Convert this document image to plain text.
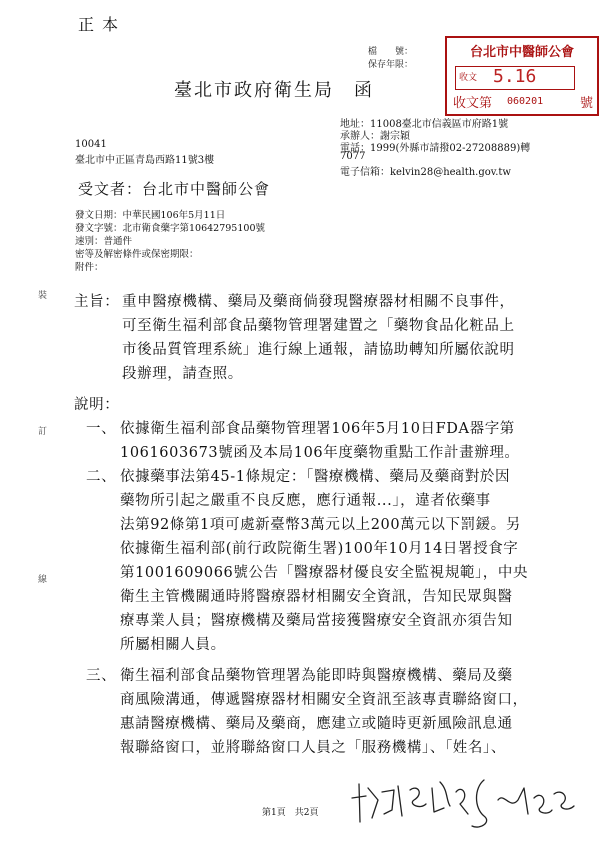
正本
檔　　號：
保存年限：
台北市中醫師公會
收文 5.16
收文第 060201	號
臺北市政府衛生局　函
地址：11008臺北市信義區市府路1號
承辦人：謝宗穎
電話：1999(外縣市請撥02-27208889)轉
7077
電子信箱：kelvin28@health.gov.tw
10041
臺北市中正區青島西路11號3樓
受文者：台北市中醫師公會
發文日期：中華民國106年5月11日
發文字號：北市衛食藥字第10642795100號
速別：普通件
密等及解密條件或保密期限：
附件：
裝
訂
線
主旨： 重申醫療機構、藥局及藥商倘發現醫療器材相關不良事件，
可至衛生福利部食品藥物管理署建置之「藥物食品化粧品上
市後品質管理系統」進行線上通報，請協助轉知所屬依說明
段辦理，請查照。
說明：
一、 依據衛生福利部食品藥物管理署106年5月10日FDA器字第
1061603673號函及本局106年度藥物重點工作計畫辦理。
二、 依據藥事法第45-1條規定：「醫療機構、藥局及藥商對於因
藥物所引起之嚴重不良反應，應行通報...」，違者依藥事
法第92條第1項可處新臺幣3萬元以上200萬元以下罰鍰。另
依據衛生福利部(前行政院衛生署)100年10月14日署授食字
第1001609066號公告「醫療器材優良安全監視規範」，中央
衛生主管機關通時將醫療器材相關安全資訊，告知民眾與醫
療專業人員；醫療機構及藥局當接獲醫療安全資訊亦須告知
所屬相關人員。
三、 衛生福利部食品藥物管理署為能即時與醫療機構、藥局及藥
商風險溝通，傳遞醫療器材相關安全資訊至該專責聯絡窗口，
惠請醫療機構、藥局及藥商，應建立或隨時更新風險訊息通
報聯絡窗口，並將聯絡窗口人員之「服務機構」、「姓名」、
第1頁　共2頁
